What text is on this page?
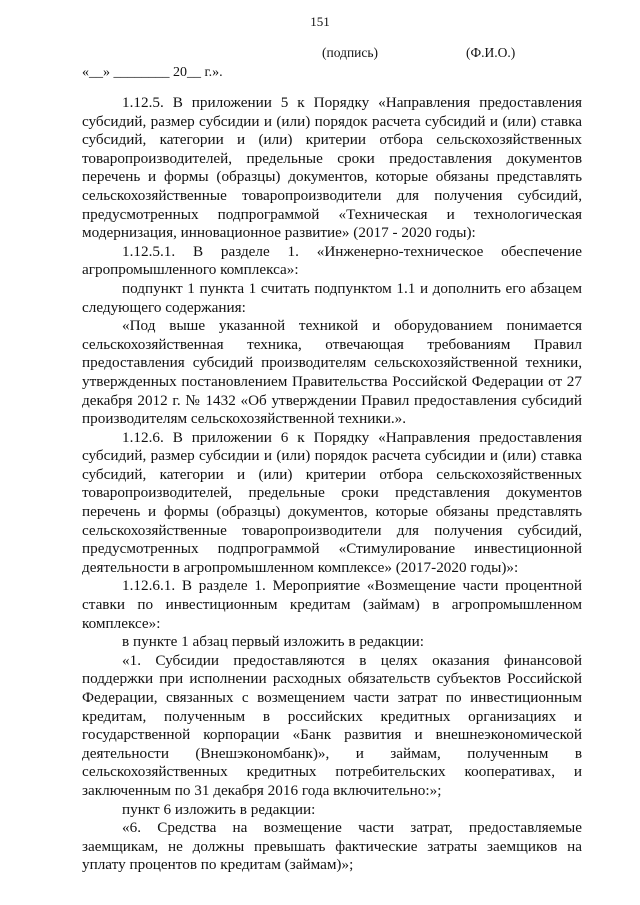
151
(подпись)	(Ф.И.О.)
«__» ________ 20__ г.».

1.12.5. В приложении 5 к Порядку «Направления предоставления субсидий, размер субсидии и (или) порядок расчета субсидий и (или) ставка субсидий, категории и (или) критерии отбора сельскохозяйственных товаропроизводителей, предельные сроки предоставления документов перечень и формы (образцы) документов, которые обязаны представлять сельскохозяйственные товаропроизводители для получения субсидий, предусмотренных подпрограммой «Техническая и технологическая модернизация, инновационное развитие» (2017 - 2020 годы):

1.12.5.1. В разделе 1. «Инженерно-техническое обеспечение агропромышленного комплекса»:

подпункт 1 пункта 1 считать подпунктом 1.1 и дополнить его абзацем следующего содержания:

«Под выше указанной техникой и оборудованием понимается сельскохозяйственная техника, отвечающая требованиям Правил предоставления субсидий производителям сельскохозяйственной техники, утвержденных постановлением Правительства Российской Федерации от 27 декабря 2012 г. № 1432 «Об утверждении Правил предоставления субсидий производителям сельскохозяйственной техники.».

1.12.6. В приложении 6 к Порядку «Направления предоставления субсидий, размер субсидии и (или) порядок расчета субсидии и (или) ставка субсидий, категории и (или) критерии отбора сельскохозяйственных товаропроизводителей, предельные сроки представления документов перечень и формы (образцы) документов, которые обязаны представлять сельскохозяйственные товаропроизводители для получения субсидий, предусмотренных подпрограммой «Стимулирование инвестиционной деятельности в агропромышленном комплексе» (2017-2020 годы)»:

1.12.6.1. В разделе 1. Мероприятие «Возмещение части процентной ставки по инвестиционным кредитам (займам) в агропромышленном комплексе»:

в пункте 1 абзац первый изложить в редакции:

«1. Субсидии предоставляются в целях оказания финансовой поддержки при исполнении расходных обязательств субъектов Российской Федерации, связанных с возмещением части затрат по инвестиционным кредитам, полученным в российских кредитных организациях и государственной корпорации «Банк развития и внешнеэкономической деятельности (Внешэкономбанк)», и займам, полученным в сельскохозяйственных кредитных потребительских кооперативах, и заключенным по 31 декабря 2016 года включительно:»;

пункт 6 изложить в редакции:

«6. Средства на возмещение части затрат, предоставляемые заемщикам, не должны превышать фактические затраты заемщиков на уплату процентов по кредитам (займам)»;
